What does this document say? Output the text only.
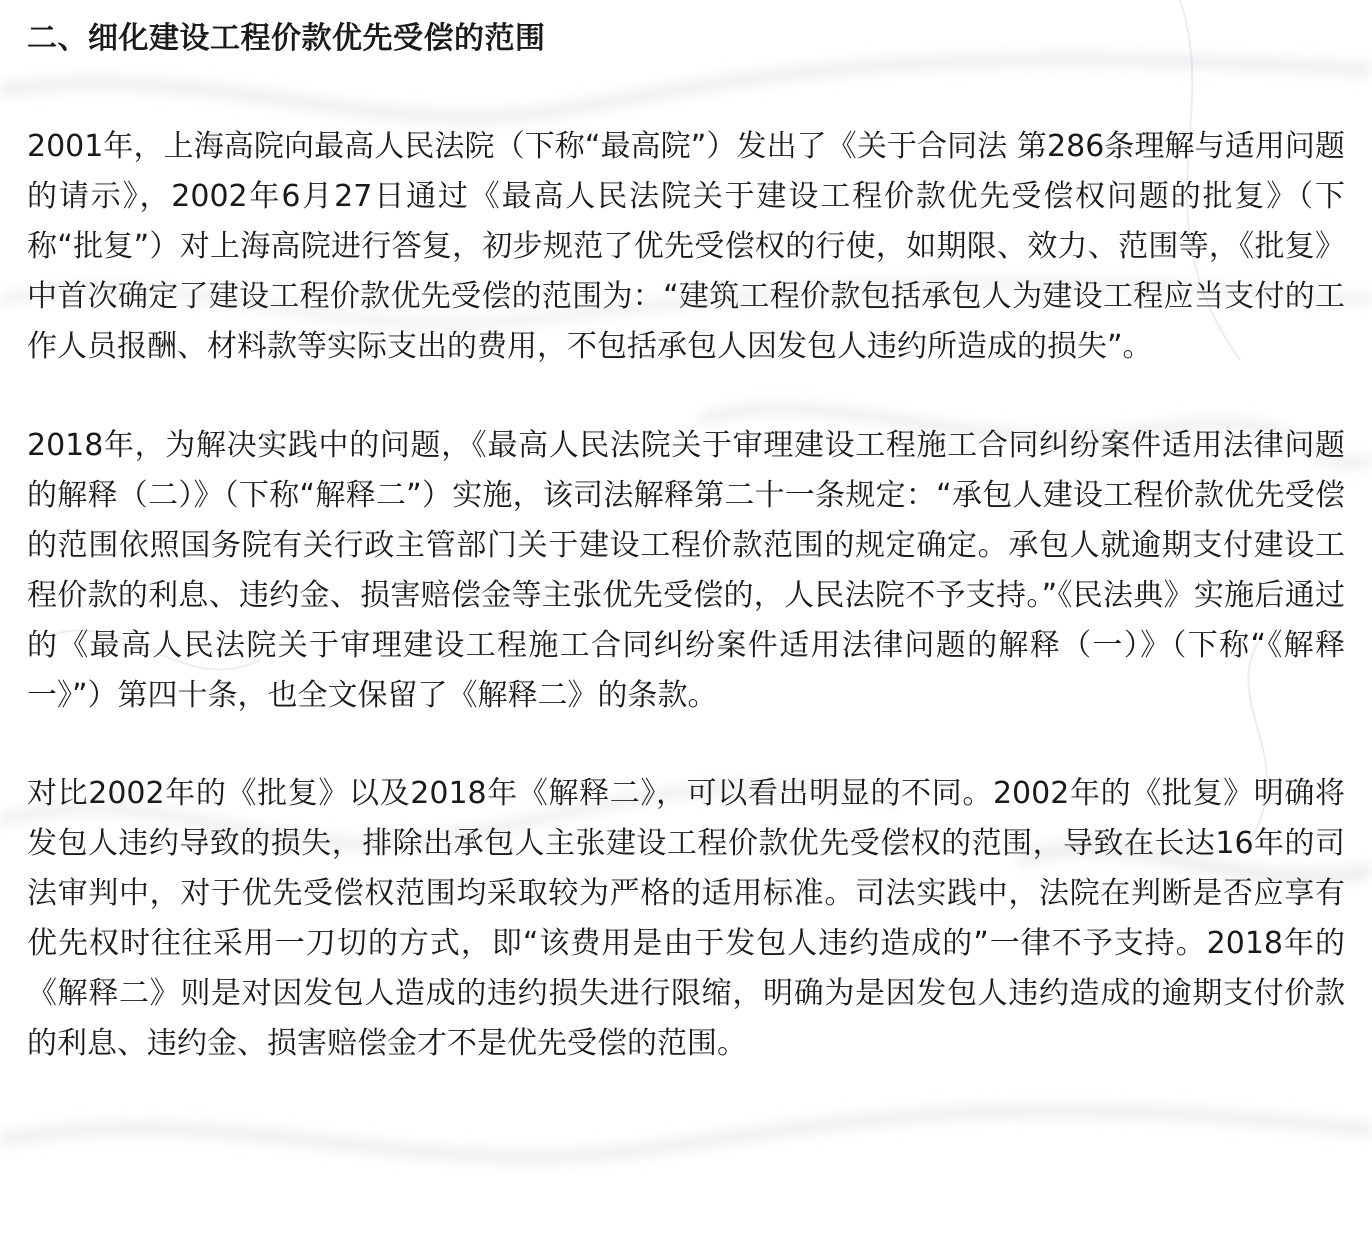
二、细化建设工程价款优先受偿的范围

2001年，上海高院向最高人民法院（下称“最高院”）发出了《关于合同法 第286条理解与适用问题的请示》，2002年6月27日通过《最高人民法院关于建设工程价款优先受偿权问题的批复》（下称“批复”）对上海高院进行答复，初步规范了优先受偿权的行使，如期限、效力、范围等，《批复》中首次确定了建设工程价款优先受偿的范围为：“建筑工程价款包括承包人为建设工程应当支付的工作人员报酬、材料款等实际支出的费用，不包括承包人因发包人违约所造成的损失”。

2018年，为解决实践中的问题，《最高人民法院关于审理建设工程施工合同纠纷案件适用法律问题的解释（二）》（下称“解释二”）实施，该司法解释第二十一条规定：“承包人建设工程价款优先受偿的范围依照国务院有关行政主管部门关于建设工程价款范围的规定确定。承包人就逾期支付建设工程价款的利息、违约金、损害赔偿金等主张优先受偿的，人民法院不予支持。”《民法典》实施后通过的《最高人民法院关于审理建设工程施工合同纠纷案件适用法律问题的解释（一）》（下称“《解释一》”）第四十条，也全文保留了《解释二》的条款。

对比2002年的《批复》以及2018年《解释二》，可以看出明显的不同。2002年的《批复》明确将发包人违约导致的损失，排除出承包人主张建设工程价款优先受偿权的范围，导致在长达16年的司法审判中，对于优先受偿权范围均采取较为严格的适用标准。司法实践中，法院在判断是否应享有优先权时往往采用一刀切的方式，即“该费用是由于发包人违约造成的”一律不予支持。2018年的《解释二》则是对因发包人造成的违约损失进行限缩，明确为是因发包人违约造成的逾期支付价款的利息、违约金、损害赔偿金才不是优先受偿的范围。
